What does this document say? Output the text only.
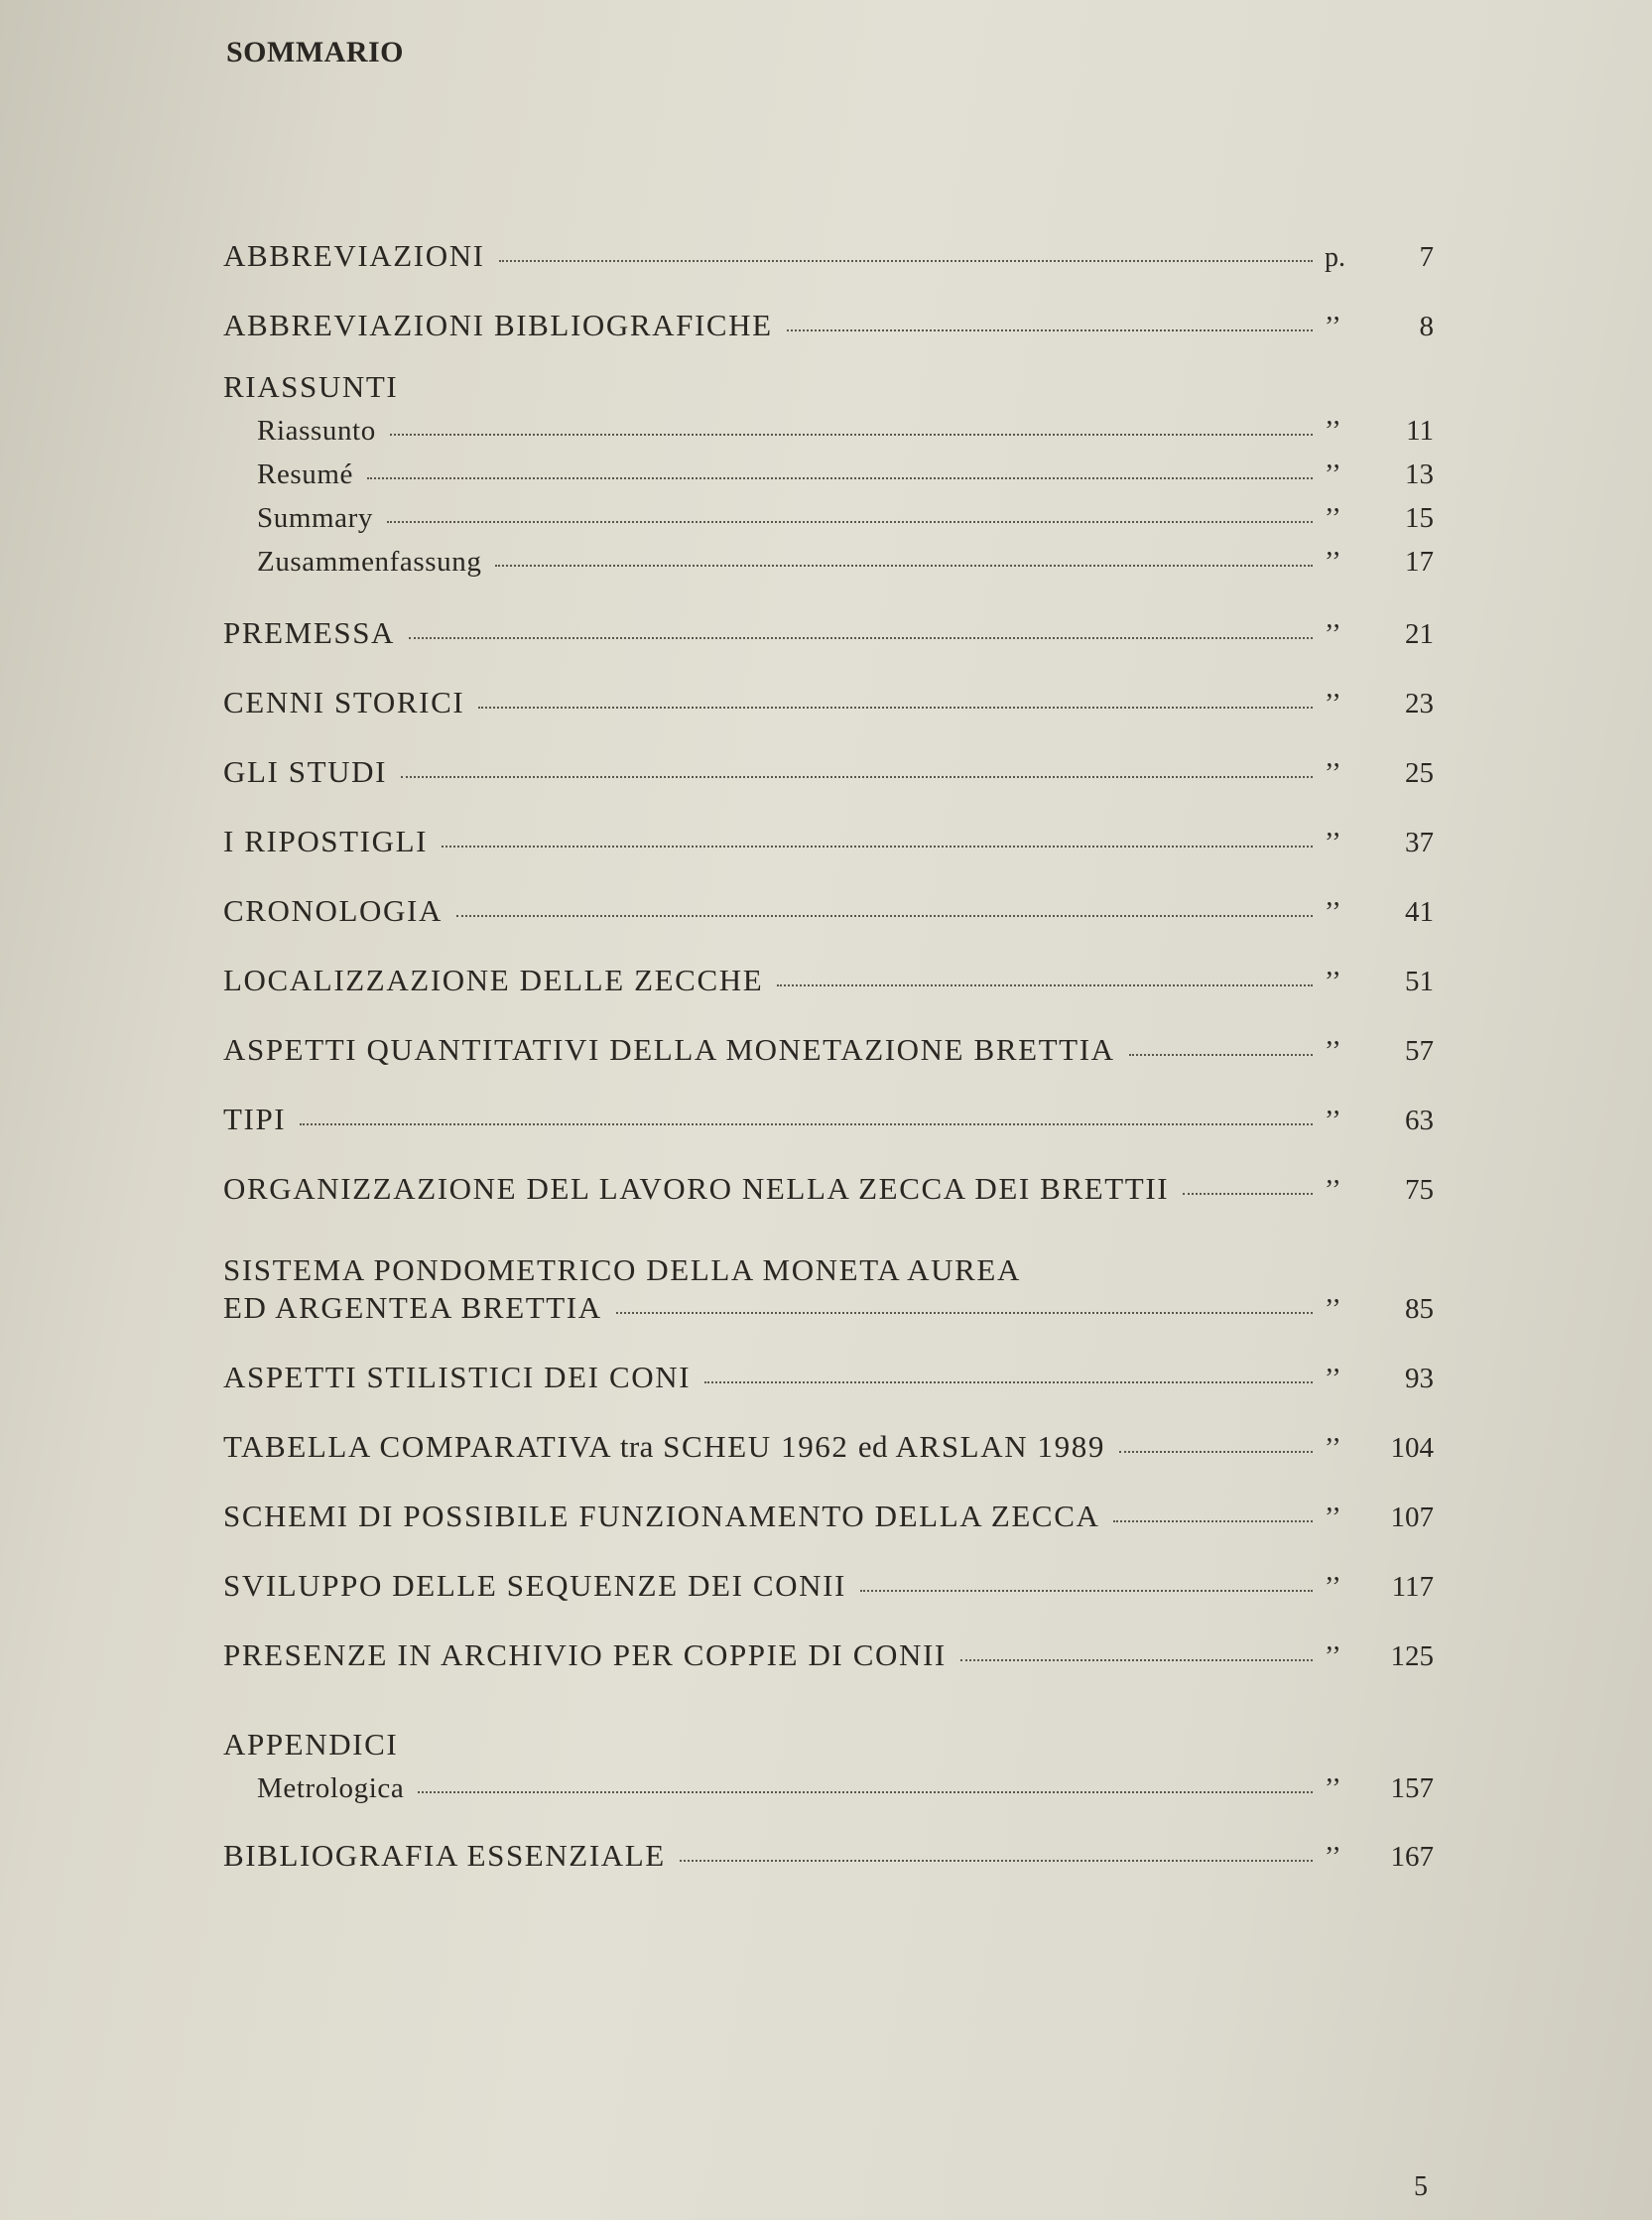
SOMMARIO
ABBREVIAZIONI	p.	7
ABBREVIAZIONI BIBLIOGRAFICHE	’’	8
RIASSUNTI
Riassunto	’’	11
Resumé	’’	13
Summary	’’	15
Zusammenfassung	’’	17
PREMESSA	’’	21
CENNI STORICI	’’	23
GLI STUDI	’’	25
I RIPOSTIGLI	’’	37
CRONOLOGIA	’’	41
LOCALIZZAZIONE DELLE ZECCHE	’’	51
ASPETTI QUANTITATIVI DELLA MONETAZIONE BRETTIA	’’	57
TIPI	’’	63
ORGANIZZAZIONE DEL LAVORO NELLA ZECCA DEI BRETTII	’’	75
SISTEMA PONDOMETRICO DELLA MONETA AUREA
ED ARGENTEA BRETTIA	’’	85
ASPETTI STILISTICI DEI CONI	’’	93
TABELLA COMPARATIVA tra SCHEU 1962 ed ARSLAN 1989	’’	104
SCHEMI DI POSSIBILE FUNZIONAMENTO DELLA ZECCA	’’	107
SVILUPPO DELLE SEQUENZE DEI CONII	’’	117
PRESENZE IN ARCHIVIO PER COPPIE DI CONII	’’	125
APPENDICI
Metrologica	’’	157
BIBLIOGRAFIA ESSENZIALE	’’	167
5
